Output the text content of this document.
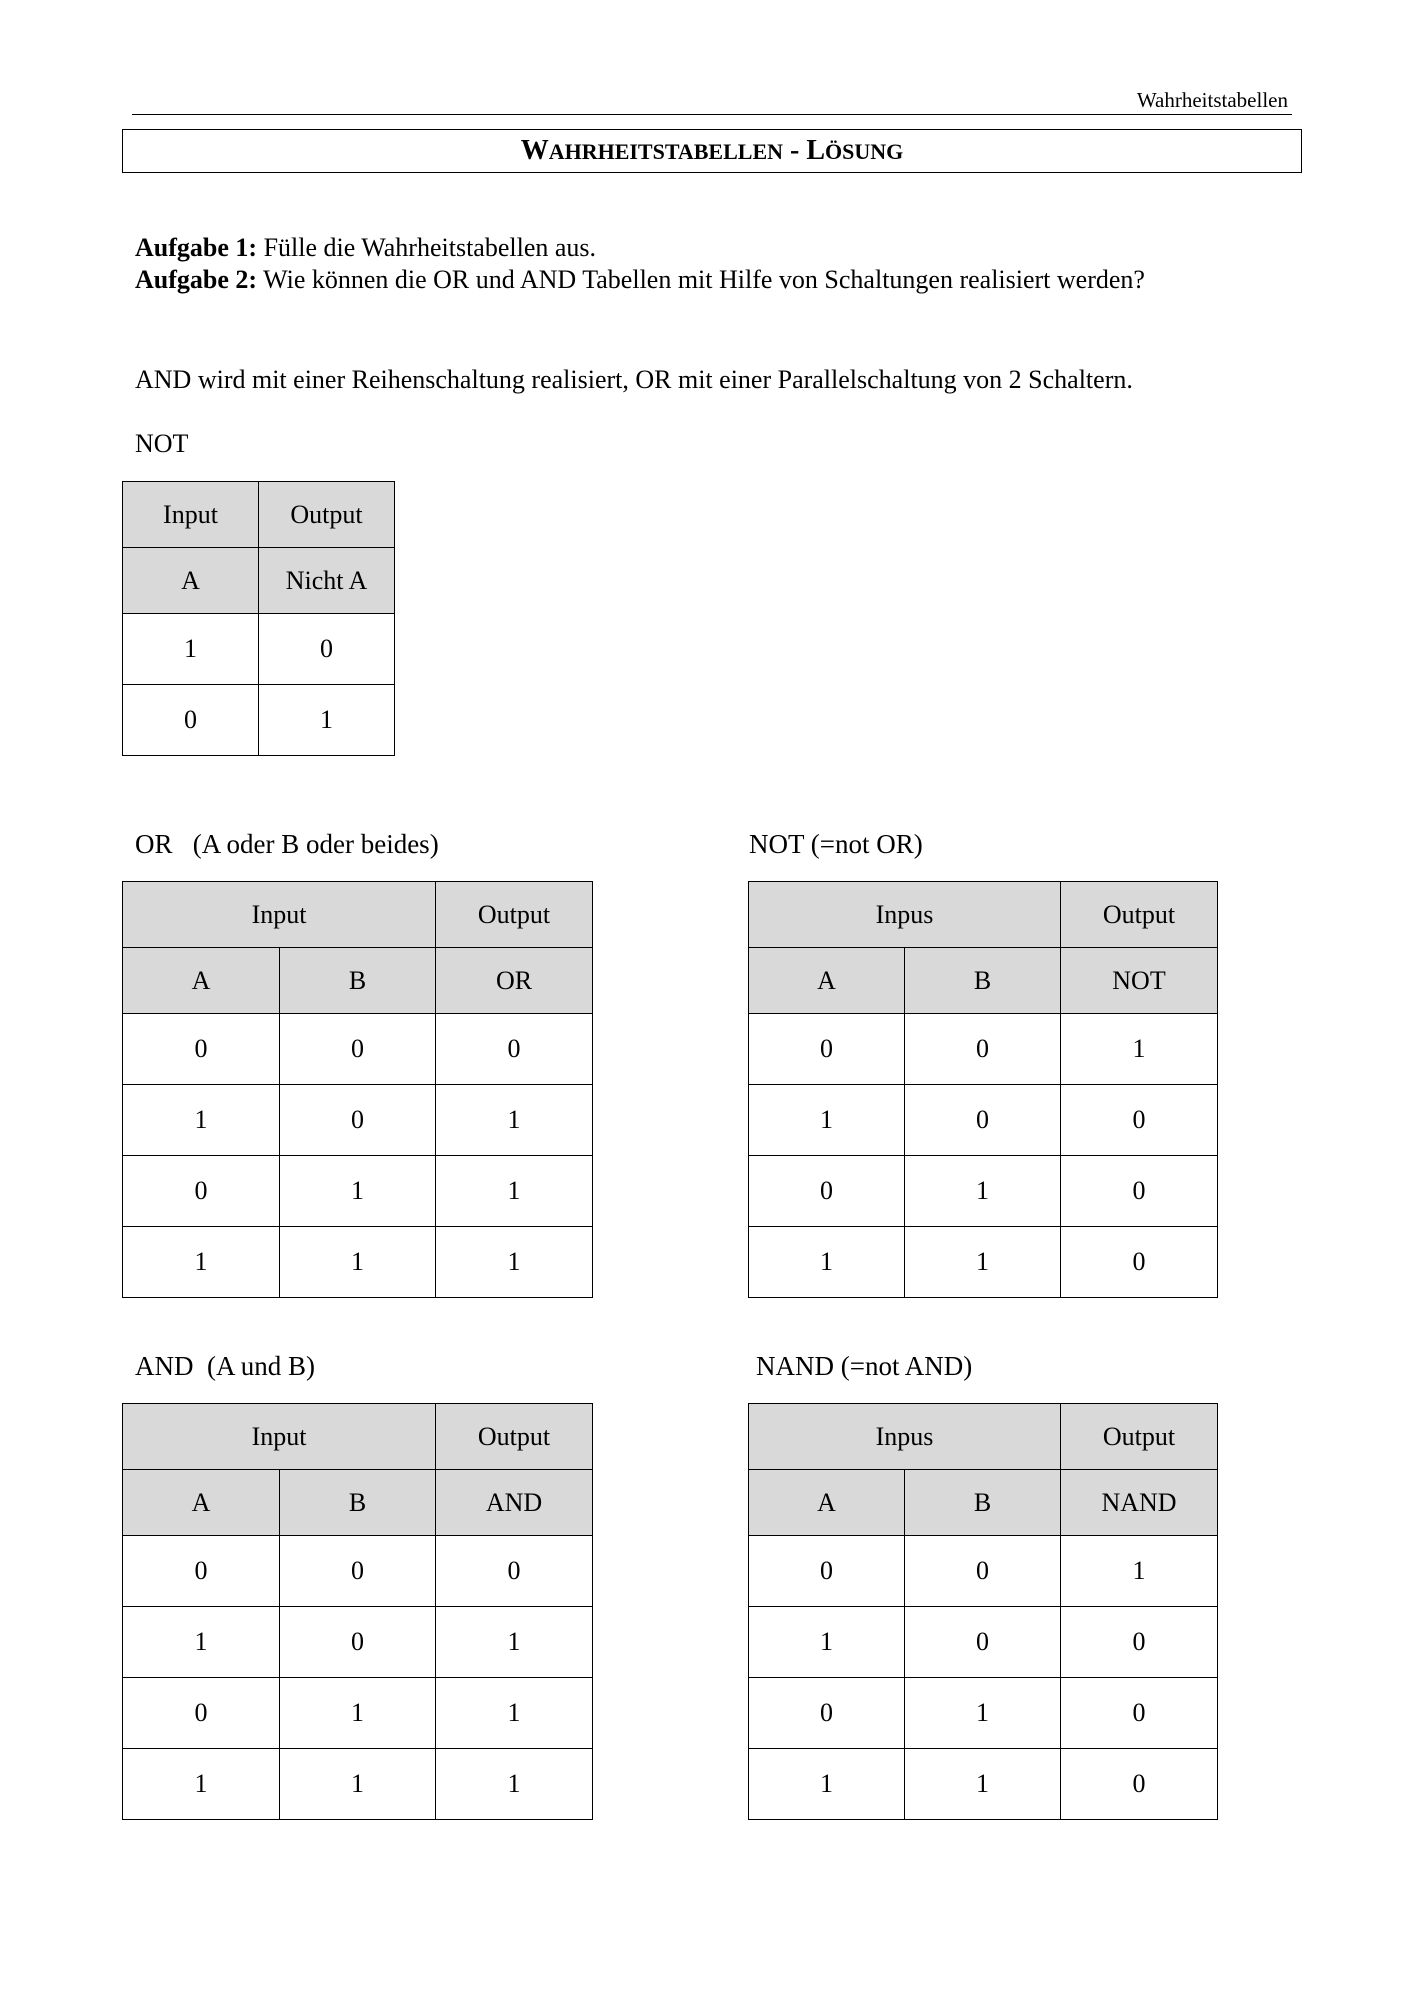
Wahrheitstabellen
WAHRHEITSTABELLEN - LÖSUNG
Aufgabe 1: Fülle die Wahrheitstabellen aus.
Aufgabe 2: Wie können die OR und AND Tabellen mit Hilfe von Schaltungen realisiert werden?
AND wird mit einer Reihenschaltung realisiert, OR mit einer Parallelschaltung von 2 Schaltern.
NOT
Input	Output
A	Nicht A
1	0
0	1
OR   (A oder B oder beides)
Input		Output
A	B	OR
0	0	0
1	0	1
0	1	1
1	1	1
NOT (=not OR)
Inpus		Output
A	B	NOT
0	0	1
1	0	0
0	1	0
1	1	0
AND  (A und B)
Input		Output
A	B	AND
0	0	0
1	0	1
0	1	1
1	1	1
NAND (=not AND)
Inpus		Output
A	B	NAND
0	0	1
1	0	0
0	1	0
1	1	0
